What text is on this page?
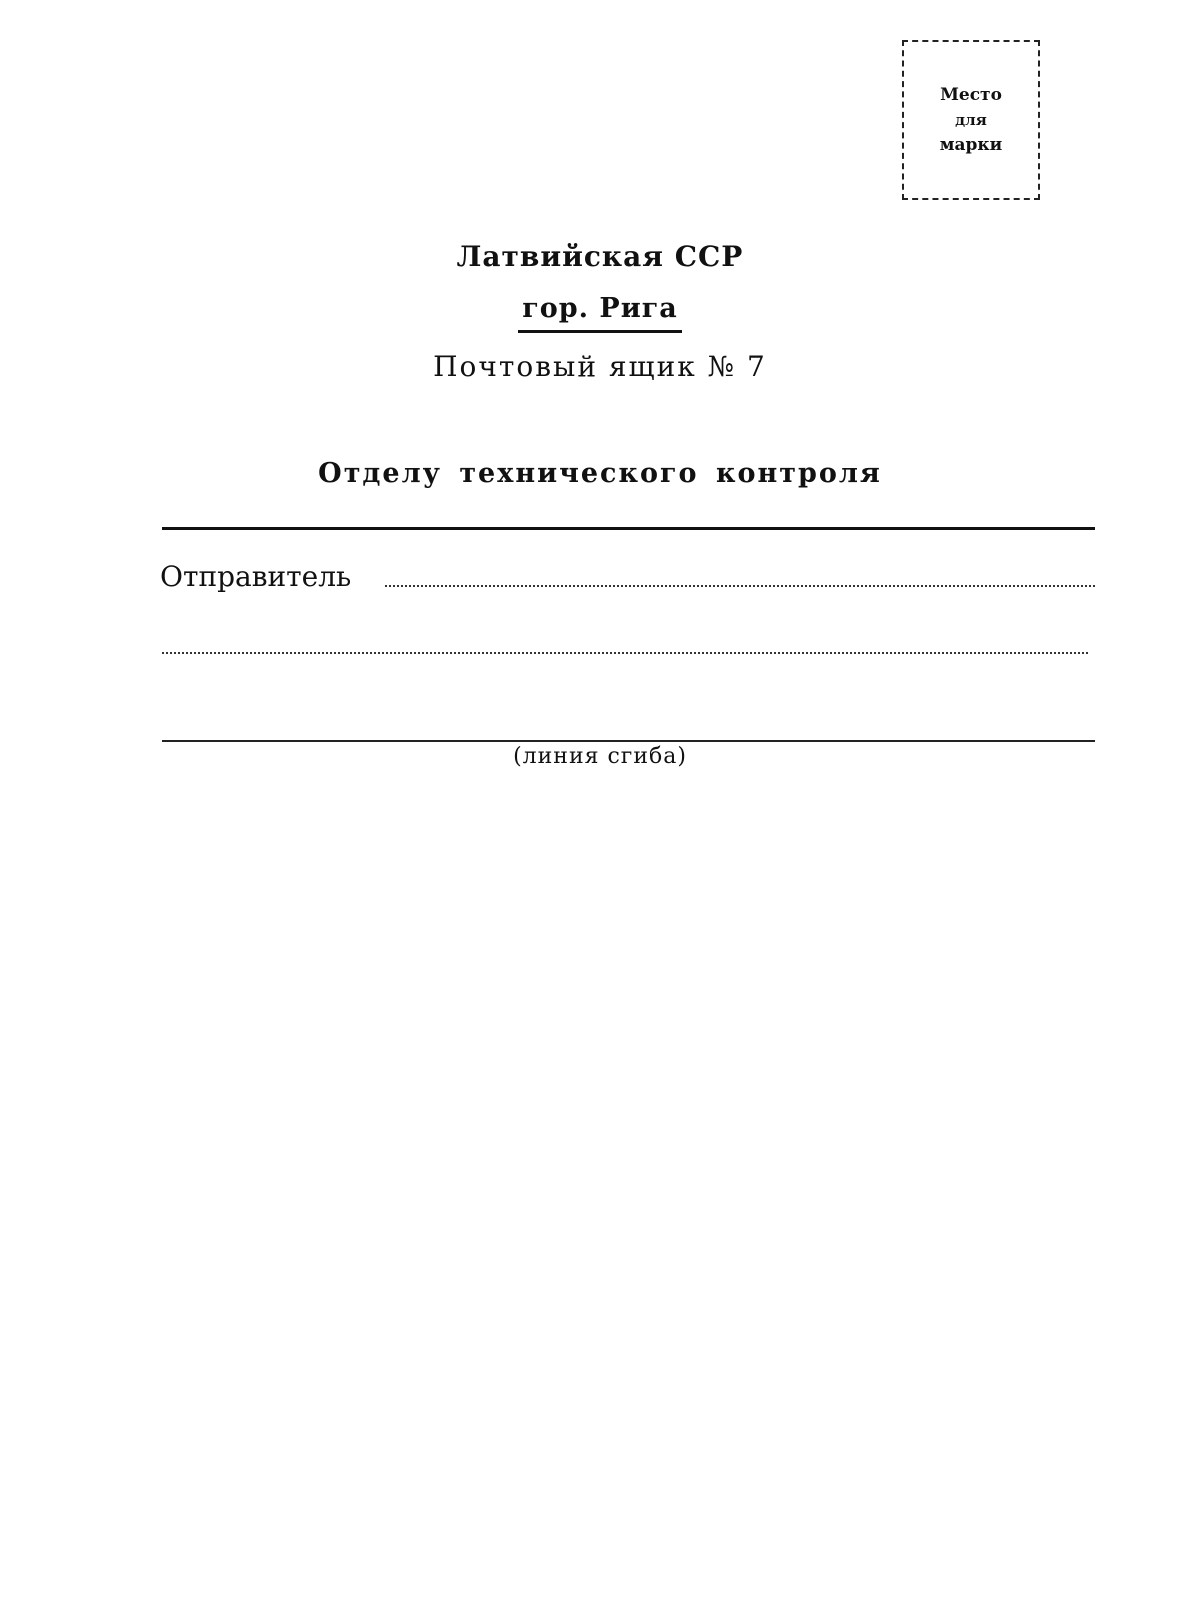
Место
для
марки
Латвийская ССР
гор. Рига
Почтовый ящик № 7
Отделу технического контроля
Отправитель
(линия сгиба)
